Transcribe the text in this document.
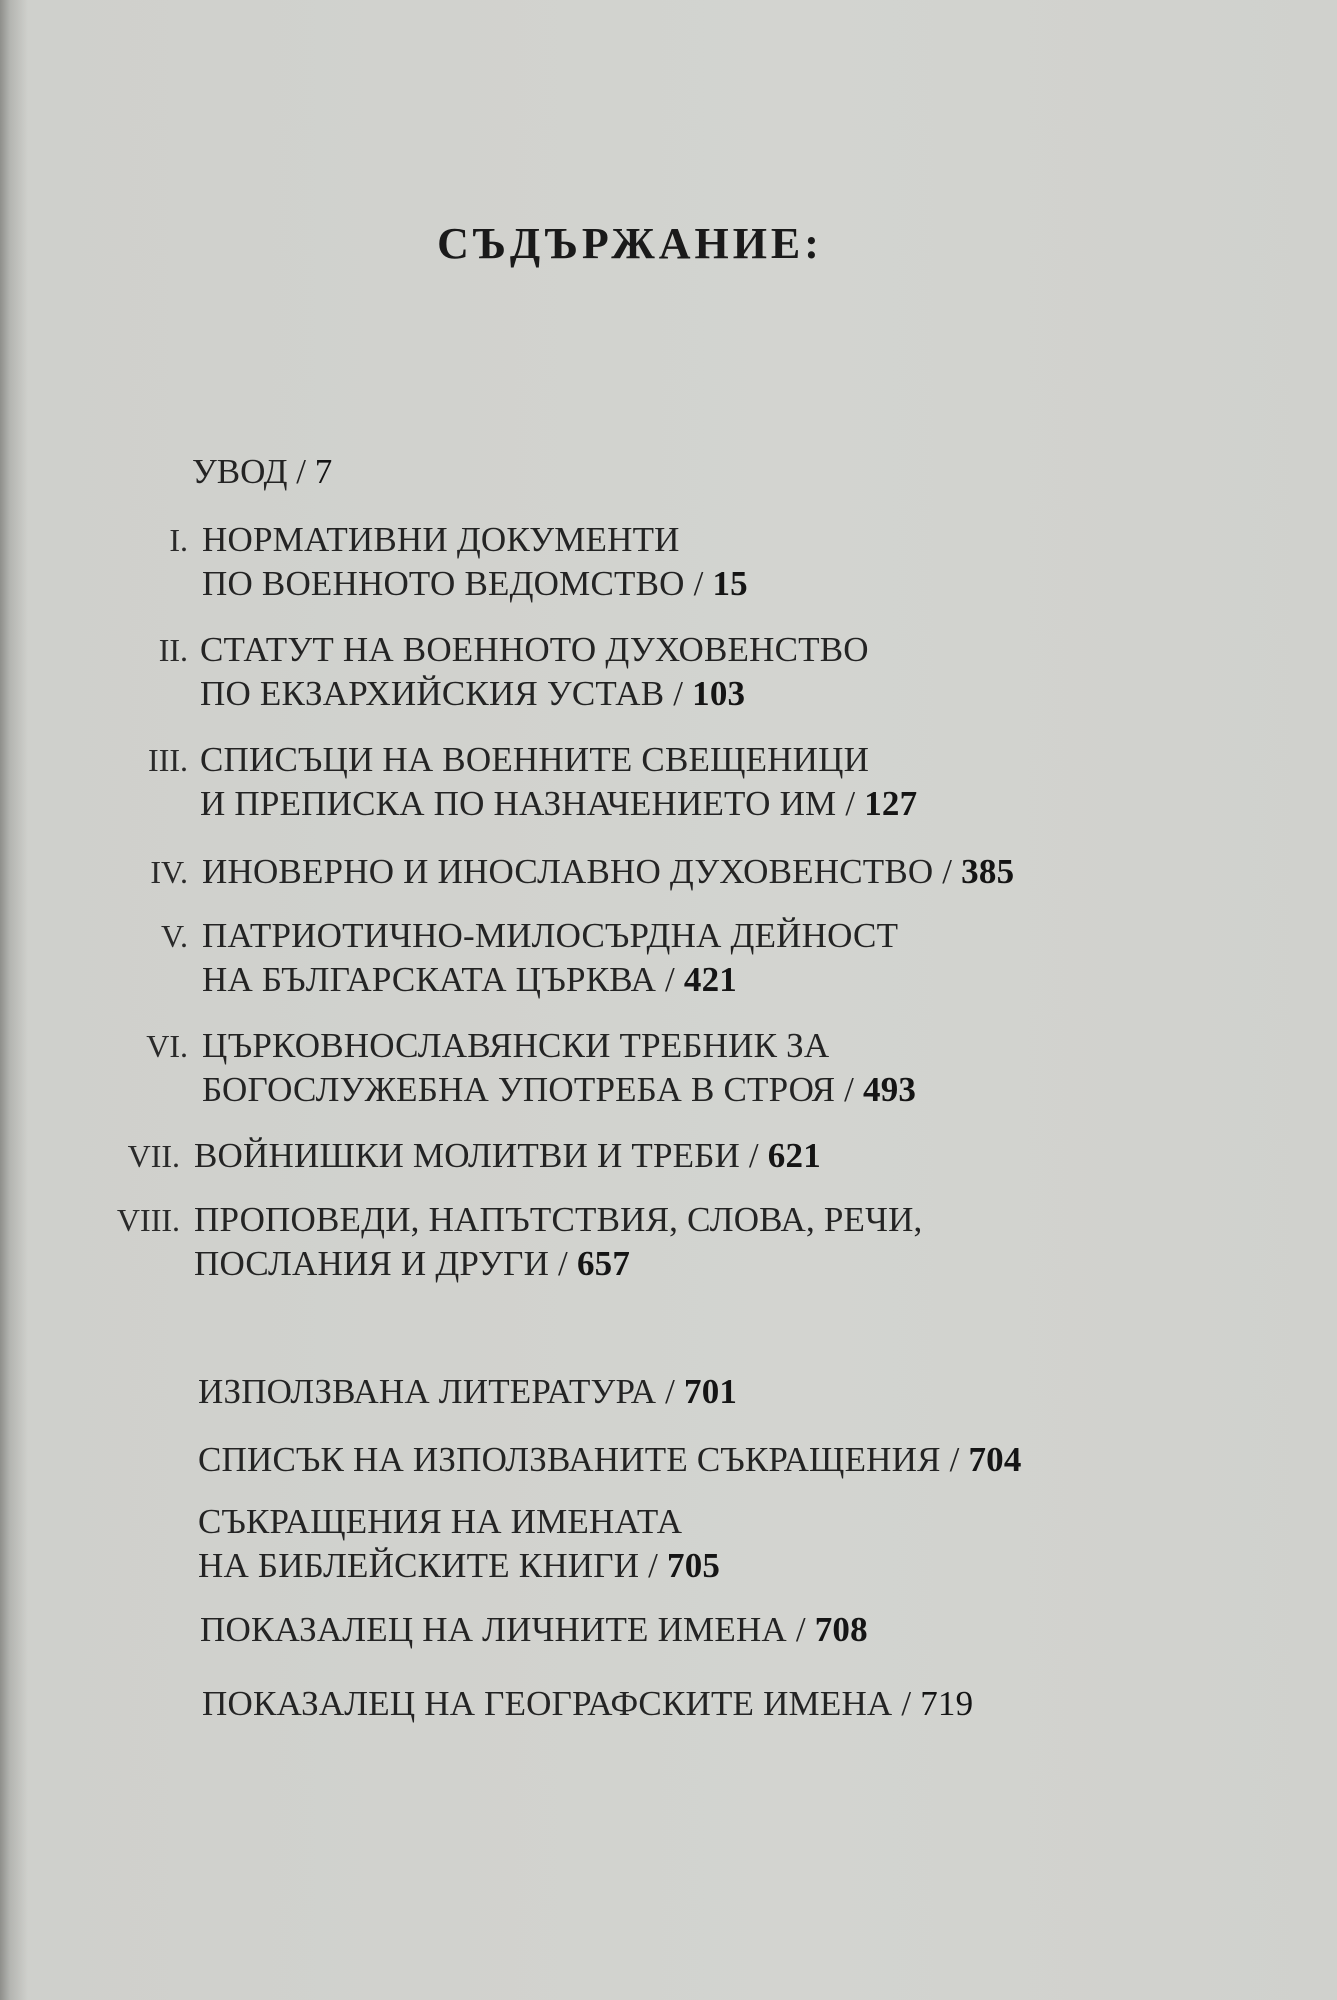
СЪДЪРЖАНИЕ:
УВОД / 7
I. НОРМАТИВНИ ДОКУМЕНТИ
ПО ВОЕННОТО ВЕДОМСТВО / 15
II. СТАТУТ НА ВОЕННОТО ДУХОВЕНСТВО
ПО ЕКЗАРХИЙСКИЯ УСТАВ / 103
III. СПИСЪЦИ НА ВОЕННИТЕ СВЕЩЕНИЦИ
И ПРЕПИСКА ПО НАЗНАЧЕНИЕТО ИМ / 127
IV. ИНОВЕРНО И ИНОСЛАВНО ДУХОВЕНСТВО / 385
V. ПАТРИОТИЧНО-МИЛОСЪРДНА ДЕЙНОСТ
НА БЪЛГАРСКАТА ЦЪРКВА / 421
VI. ЦЪРКОВНОСЛАВЯНСКИ ТРЕБНИК ЗА
БОГОСЛУЖЕБНА УПОТРЕБА В СТРОЯ / 493
VII. ВОЙНИШКИ МОЛИТВИ И ТРЕБИ / 621
VIII. ПРОПОВЕДИ, НАПЪТСТВИЯ, СЛОВА, РЕЧИ,
ПОСЛАНИЯ И ДРУГИ / 657
ИЗПОЛЗВАНА ЛИТЕРАТУРА / 701
СПИСЪК НА ИЗПОЛЗВАНИТЕ СЪКРАЩЕНИЯ / 704
СЪКРАЩЕНИЯ НА ИМЕНАТА
НА БИБЛЕЙСКИТЕ КНИГИ / 705
ПОКАЗАЛЕЦ НА ЛИЧНИТЕ ИМЕНА / 708
ПОКАЗАЛЕЦ НА ГЕОГРАФСКИТЕ ИМЕНА / 719
